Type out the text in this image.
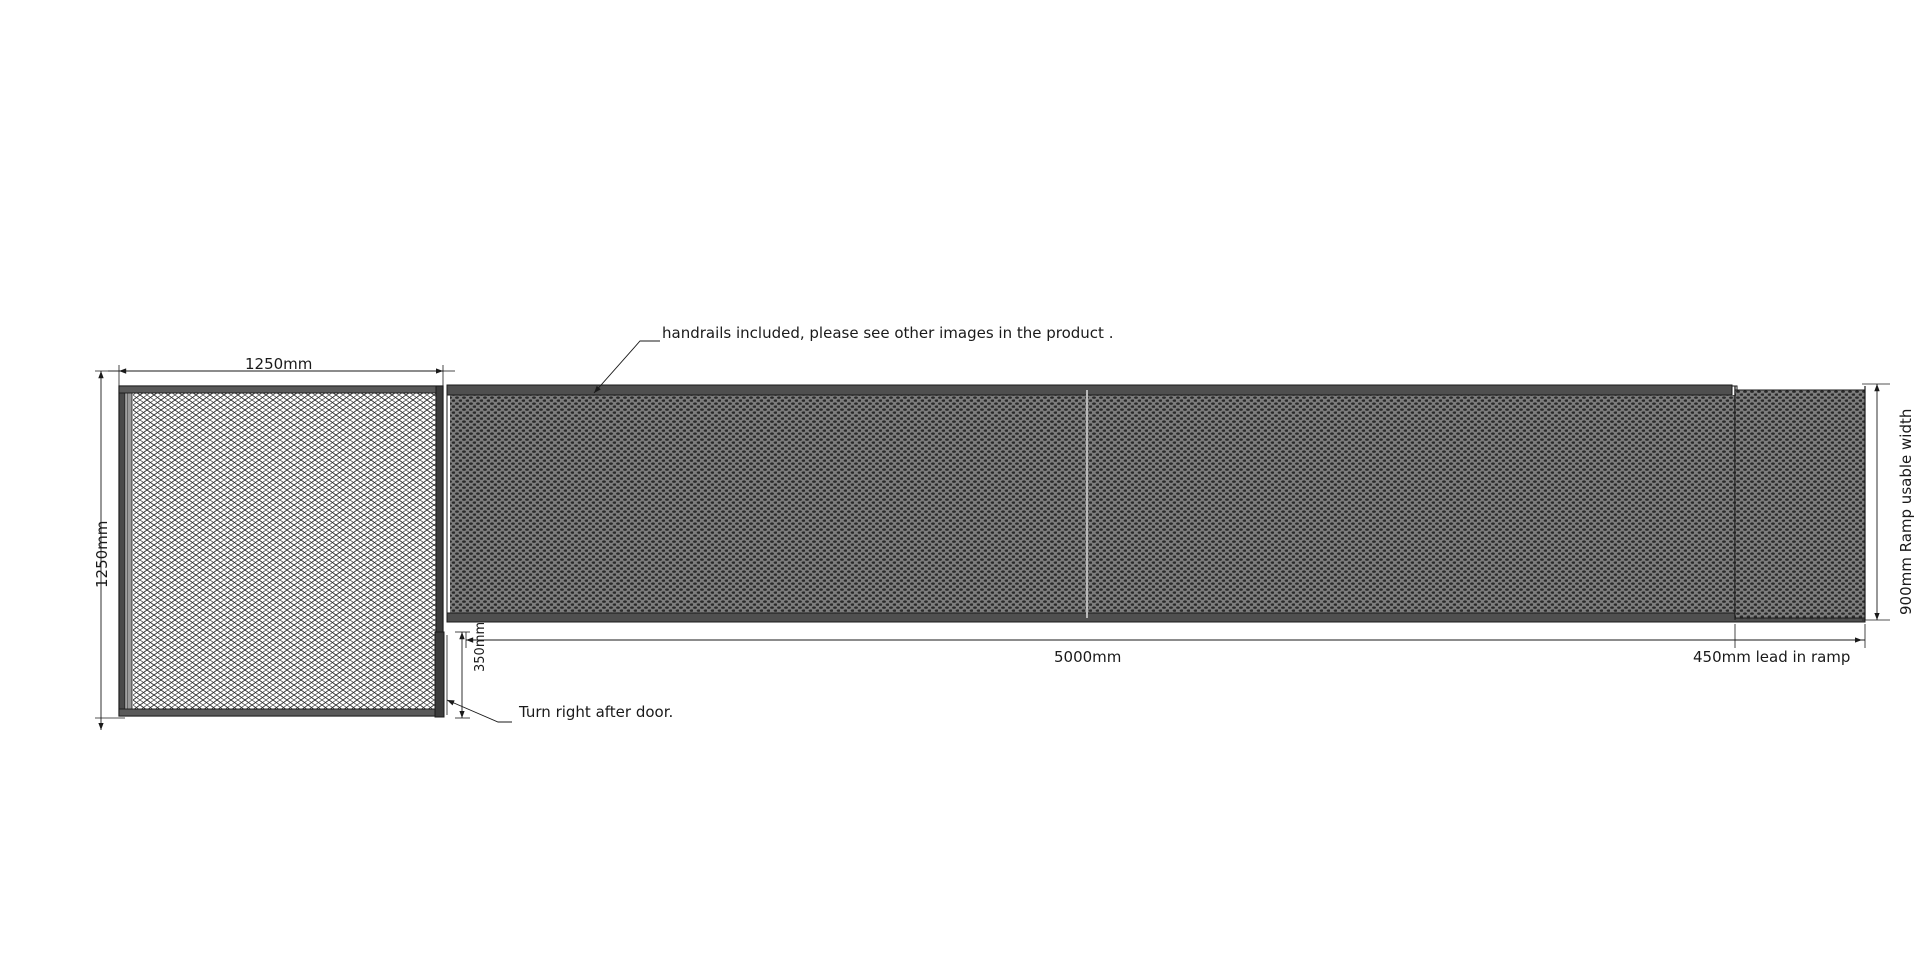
1250mm
1250mm
350mm	5000mm	450mm lead in ramp
900mm Ramp usable width
handrails included, please see other images in the product .
Turn right after door.
